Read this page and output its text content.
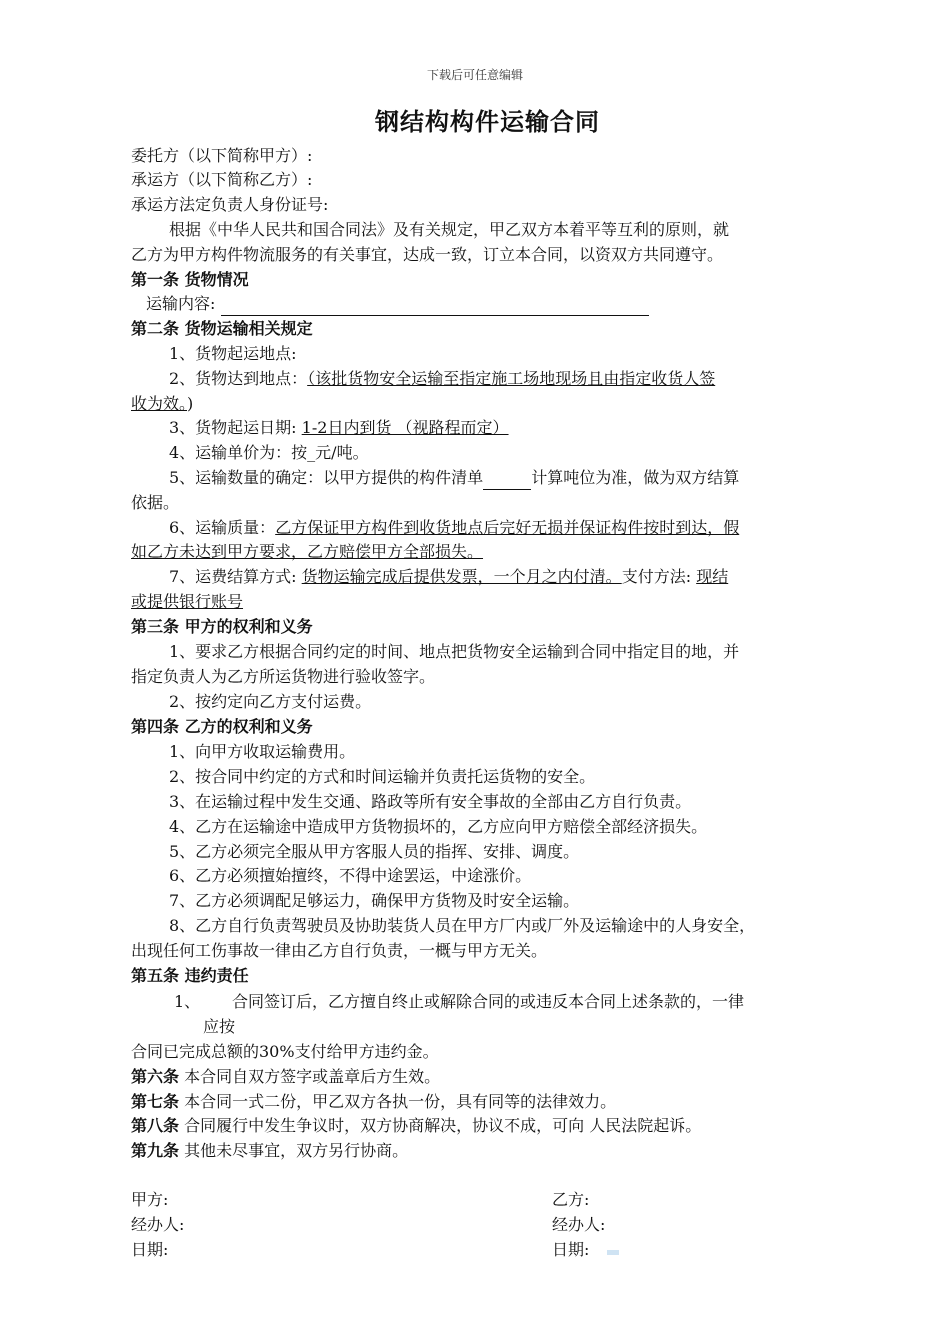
下载后可任意编辑
钢结构构件运输合同
委托方（以下简称甲方）:
承运方（以下简称乙方）:
承运方法定负责人身份证号:
根据《中华人民共和国合同法》及有关规定，甲乙双方本着平等互利的原则，就
乙方为甲方构件物流服务的有关事宜，达成一致，订立本合同，以资双方共同遵守。
第一条 货物情况
运输内容:
第二条 货物运输相关规定
1、货物起运地点:
2、货物达到地点：（该批货物安全运输至指定施工场地现场且由指定收货人签
收为效。)
3、货物起运日期: 1-2日内到货 （视路程而定）
4、运输单价为：按_元/吨。
5、运输数量的确定：以甲方提供的构件清单	计算吨位为准，做为双方结算
依据。
6、运输质量：乙方保证甲方构件到收货地点后完好无损并保证构件按时到达，假
如乙方未达到甲方要求，乙方赔偿甲方全部损失。
7、运费结算方式: 货物运输完成后提供发票，一个月之内付清。支付方法: 现结
或提供银行账号
第三条 甲方的权利和义务
1、要求乙方根据合同约定的时间、地点把货物安全运输到合同中指定目的地，并
指定负责人为乙方所运货物进行验收签字。
2、按约定向乙方支付运费。
第四条 乙方的权利和义务
1、向甲方收取运输费用。
2、按合同中约定的方式和时间运输并负责托运货物的安全。
3、在运输过程中发生交通、路政等所有安全事故的全部由乙方自行负责。
4、乙方在运输途中造成甲方货物损坏的，乙方应向甲方赔偿全部经济损失。
5、乙方必须完全服从甲方客服人员的指挥、安排、调度。
6、乙方必须擅始擅终，不得中途罢运，中途涨价。
7、乙方必须调配足够运力，确保甲方货物及时安全运输。
8、乙方自行负责驾驶员及协助装货人员在甲方厂内或厂外及运输途中的人身安全，
出现任何工伤事故一律由乙方自行负责，一概与甲方无关。
第五条 违约责任
1、 合同签订后，乙方擅自终止或解除合同的或违反本合同上述条款的，一律
应按
合同已完成总额的30%支付给甲方违约金。
第六条 本合同自双方签字或盖章后方生效。
第七条 本合同一式二份，甲乙双方各执一份，具有同等的法律效力。
第八条 合同履行中发生争议时，双方协商解决，协议不成，可向 人民法院起诉。
第九条 其他未尽事宜，双方另行协商。
甲方:	乙方:
经办人:	经办人:
日期:	日期:
